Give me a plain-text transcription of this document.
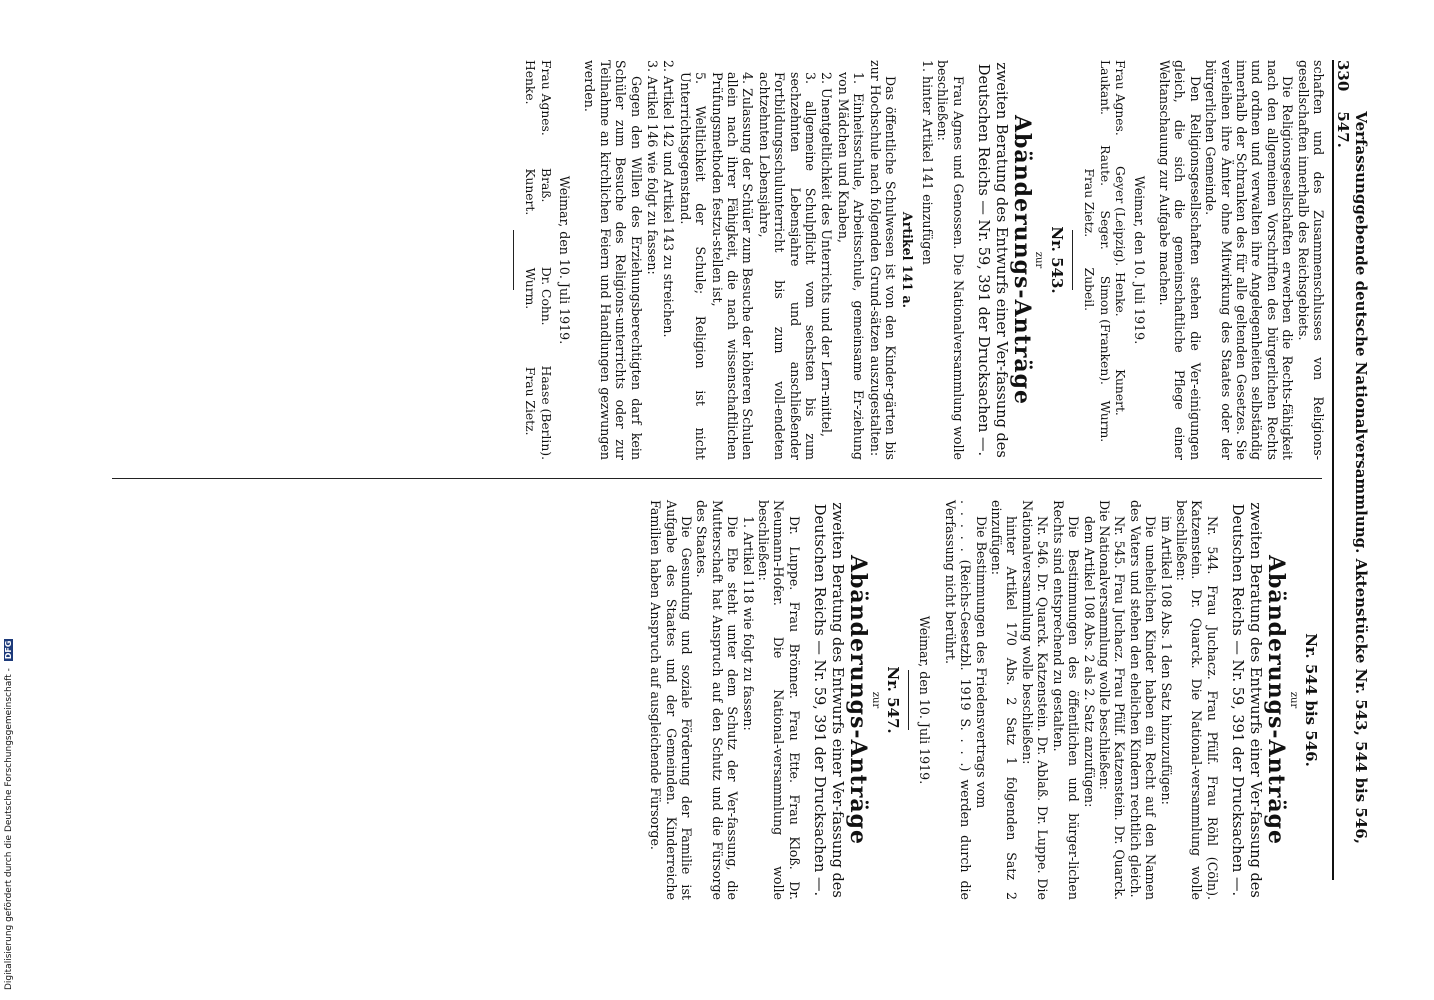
330
Verfassunggebende deutsche Nationalversammlung. Aktenstücke Nr. 543, 544 bis 546, 547.

schaften und des Zusammenschlusses von Religions-gesellschaften innerhalb des Reichsgebiets.

Die Religionsgesellschaften erwerben die Rechts-fähigkeit nach den allgemeinen Vorschriften des bürgerlichen Rechts und ordnen und verwalten ihre Angelegenheiten selbständig innerhalb der Schranken des für alle geltenden Gesetzes. Sie verleihen ihre Ämter ohne Mitwirkung des Staates oder der bürgerlichen Gemeinde.

Den Religionsgesellschaften stehen die Ver-einigungen gleich, die sich die gemeinschaftliche Pflege einer Weltanschauung zur Aufgabe machen.

Weimar, den 10. Juli 1919.

Frau Agnes.
Geyer (Leipzig).
Henke.
Kunert.
Laukant.
Raute.
Seger.
Simon (Franken).
Wurm.
Frau Zietz.
Zubeil.

Nr. 543.

zur

Abänderungs-Anträge

zweiten Beratung des Entwurfs einer Ver-fassung des Deutschen Reichs — Nr. 59, 391 der Drucksachen —.

Frau Agnes und Genossen. Die Nationalversammlung wolle beschließen:

1. hinter Artikel 141 einzufügen

Artikel 141 a.

Das öffentliche Schulwesen ist von den Kinder-gärten bis zur Hochschule nach folgenden Grund-sätzen auszugestalten:

1. Einheitsschule, Arbeitsschule, gemeinsame Er-ziehung von Mädchen und Knaben,

2. Unentgeltlichkeit des Unterrichts und der Lern-mittel,

3. allgemeine Schulpflicht vom sechsten bis zum sechzehnten Lebensjahre und anschließender Fortbildungsschulunterricht bis zum voll-endeten achtzehnten Lebensjahre,

4. Zulassung der Schüler zum Besuche der höheren Schulen allein nach ihrer Fähigkeit, die nach wissenschaftlichen Prüfungsmethoden festzu-stellen ist,

5. Weltlichkeit der Schule; Religion ist nicht Unterrichtsgegenstand.

2. Artikel 142 und Artikel 143 zu streichen.

3. Artikel 146 wie folgt zu fassen:

Gegen den Willen des Erziehungsberechtigten darf kein Schüler zum Besuche des Religions-unterrichts oder zur Teilnahme an kirchlichen Feiern und Handlungen gezwungen werden.

Weimar, den 10. Juli 1919.

Frau Agnes.
Braß.
Dr. Cohn.
Haase (Berlin).
Henke.
Kunert.
Wurm.
Frau Zietz.

Nr. 544 bis 546.

zur

Abänderungs-Anträge

zweiten Beratung des Entwurfs einer Ver-fassung des Deutschen Reichs — Nr. 59, 391 der Drucksachen —.

Nr. 544. Frau Juchacz. Frau Pfülf. Frau Röhl (Cöln). Katzenstein. Dr. Quarck. Die National-versammlung wolle beschließen:

im Artikel 108 Abs. 1 den Satz hinzuzufügen:

Die unehelichen Kinder haben ein Recht auf den Namen des Vaters und stehen den ehelichen Kindern rechtlich gleich.

Nr. 545. Frau Juchacz. Frau Pfülf. Katzenstein. Dr. Quarck. Die Nationalversammlung wolle beschließen:

dem Artikel 108 Abs. 2 als 2. Satz anzufügen:

Die Bestimmungen des öffentlichen und bürger-lichen Rechts sind entsprechend zu gestalten.

Nr. 546. Dr. Quarck. Katzenstein. Dr. Ablaß. Dr. Luppe. Die Nationalversammlung wolle beschließen:

hinter Artikel 170 Abs. 2 Satz 1 folgenden Satz 2 einzufügen:

Die Bestimmungen des Friedensvertrags vom

. . . . . (Reichs-Gesetzbl. 1919 S. . . .) werden durch die Verfassung nicht berührt.

Weimar, den 10. Juli 1919.

Nr. 547.

zur

Abänderungs-Anträge

zweiten Beratung des Entwurfs einer Ver-fassung des Deutschen Reichs — Nr. 59, 391 der Drucksachen —.

Dr. Luppe. Frau Brönner. Frau Ette. Frau Kloß. Dr. Neumann-Hofer. Die National-versammlung wolle beschließen:

1. Artikel 118 wie folgt zu fassen:

Die Ehe steht unter dem Schutz der Ver-fassung, die Mutterschaft hat Anspruch auf den Schutz und die Fürsorge des Staates.

Die Gesundung und soziale Förderung der Familie ist Aufgabe des Staates und der Gemeinden. Kinderreiche Familien haben Anspruch auf ausgleichende Fürsorge.

Digitalisierung gefördert durch die Deutsche Forschungsgemeinschaft - DFG
